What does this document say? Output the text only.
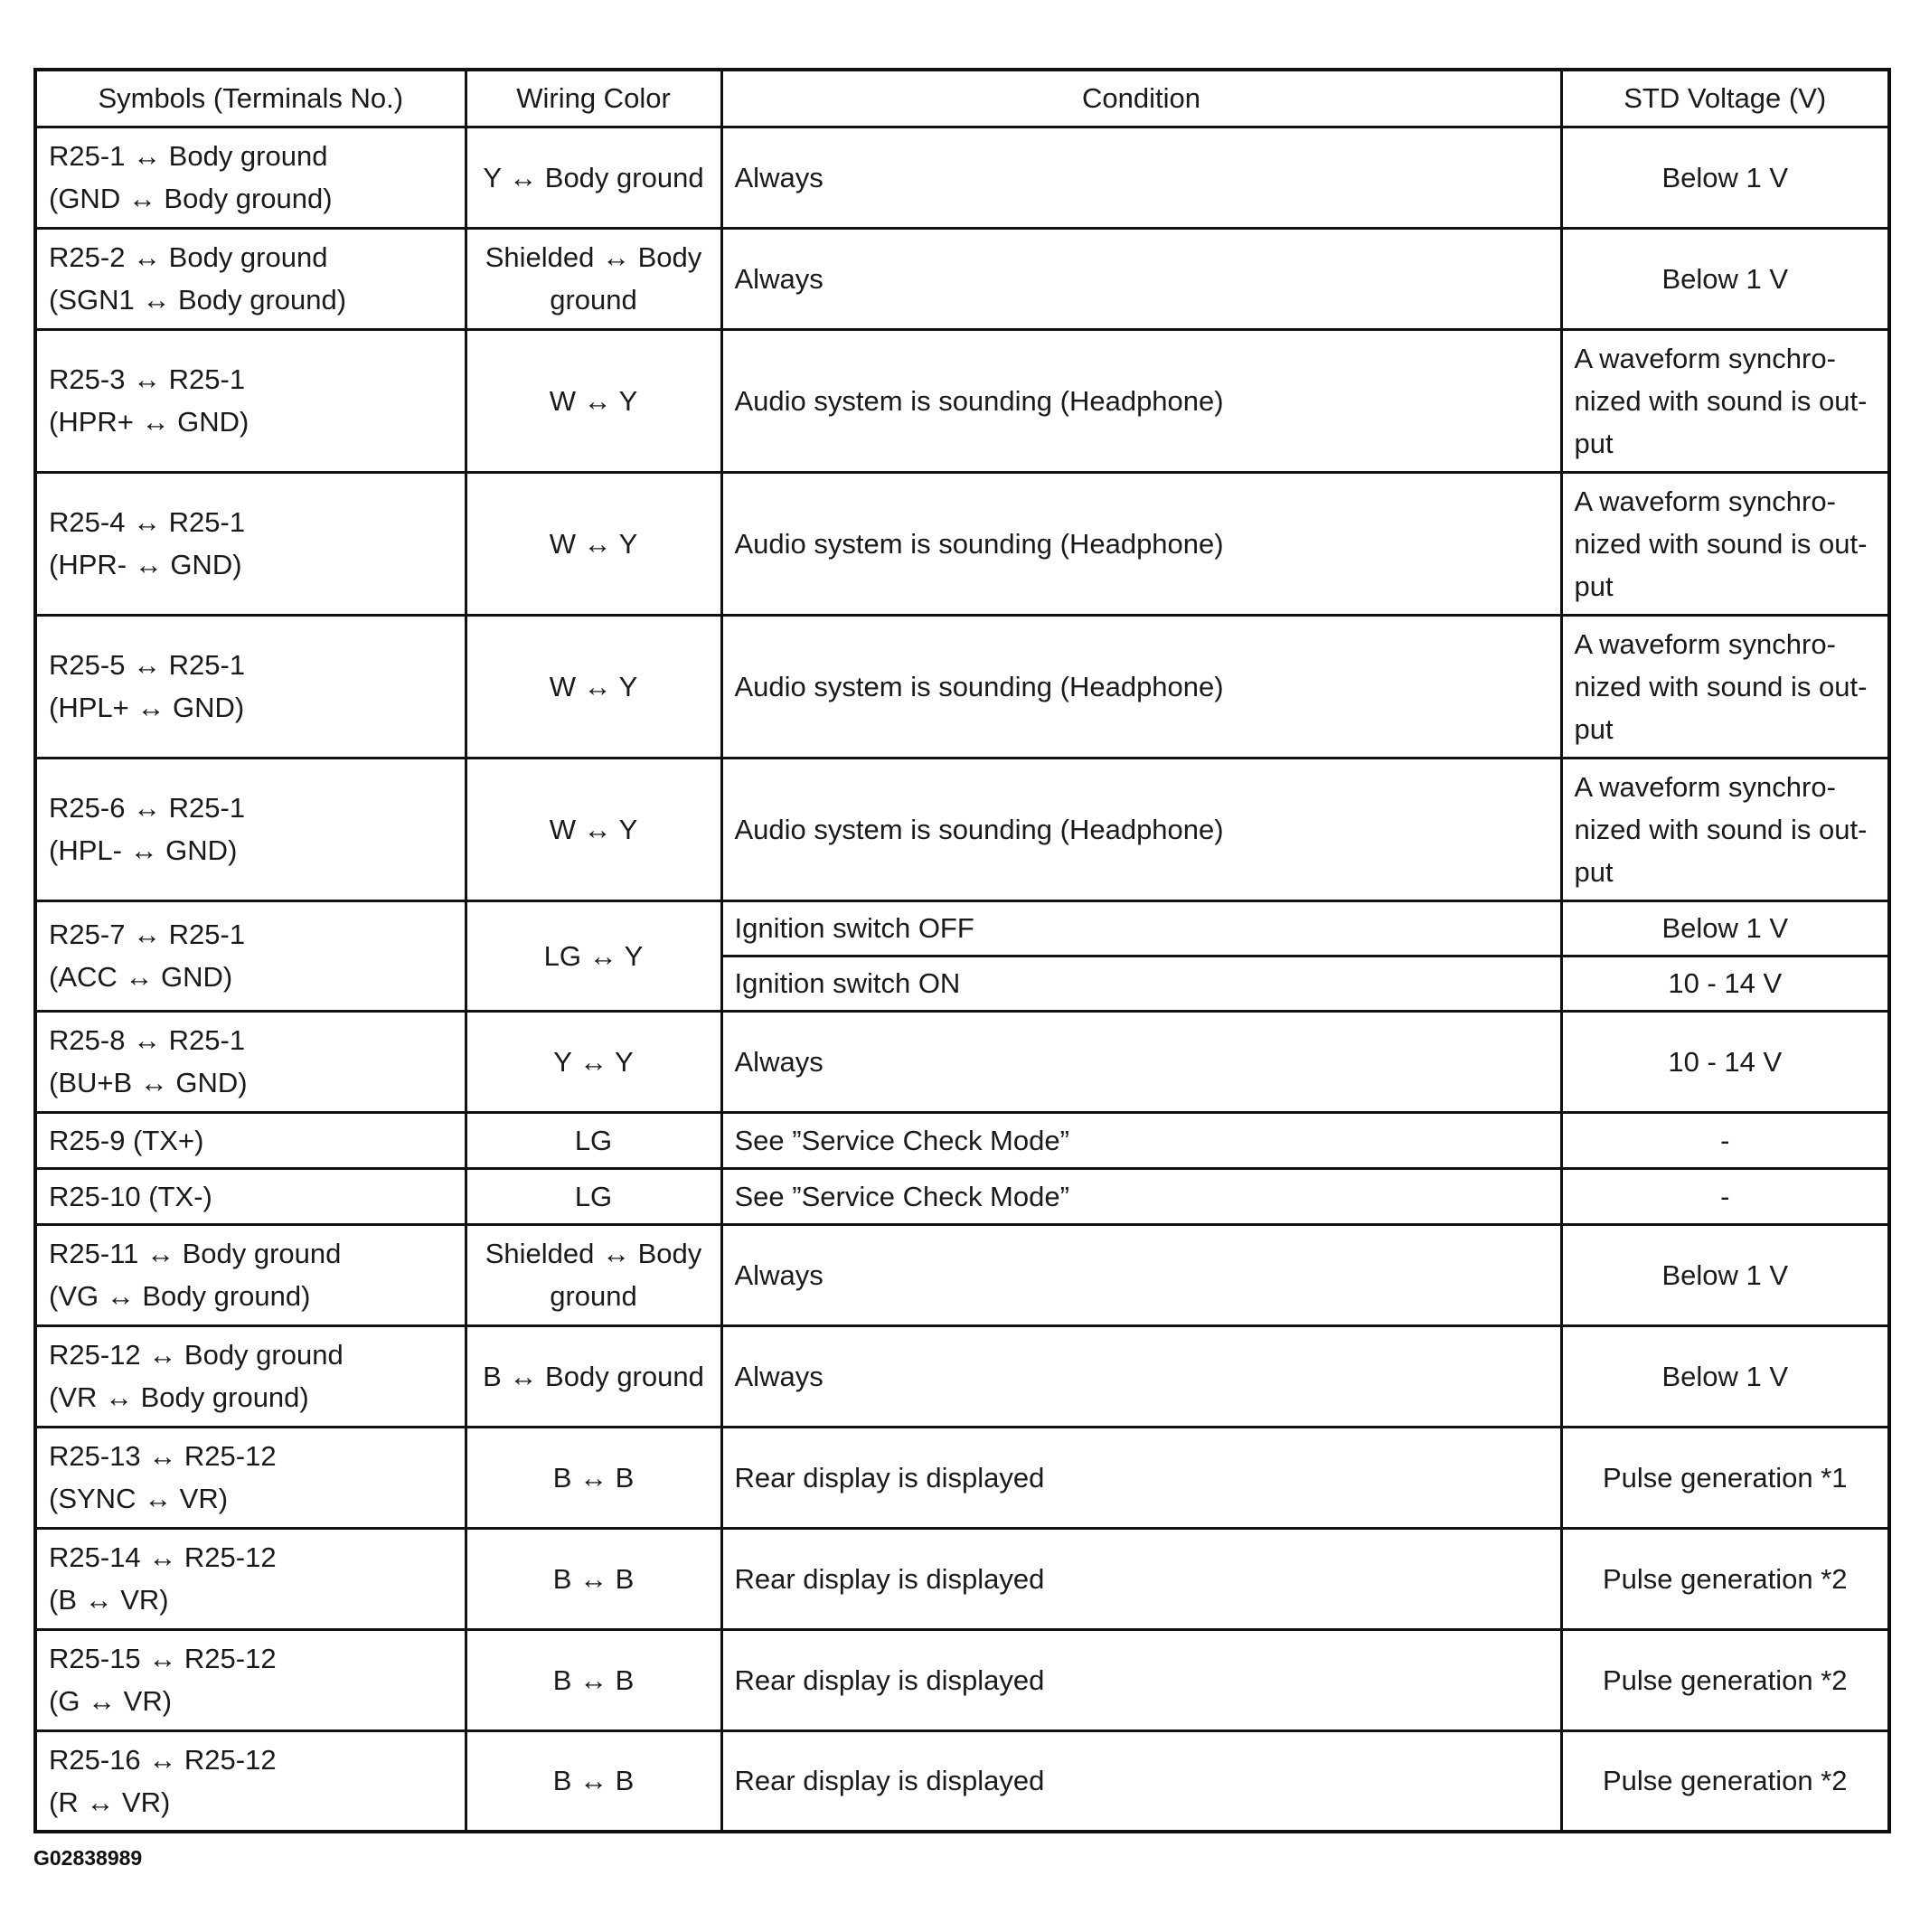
Symbols (Terminals No.)	Wiring Color	Condition	STD Voltage (V)

R25-1 ↔ Body ground
(GND ↔ Body ground)	Y ↔ Body ground	Always	Below 1 V

R25-2 ↔ Body ground
(SGN1 ↔ Body ground)	Shielded ↔ Body
ground	Always	Below 1 V

R25-3 ↔ R25-1
(HPR+ ↔ GND)	W ↔ Y	Audio system is sounding (Headphone)	A waveform synchro-
nized with sound is out-
put

R25-4 ↔ R25-1
(HPR- ↔ GND)	W ↔ Y	Audio system is sounding (Headphone)	A waveform synchro-
nized with sound is out-
put

R25-5 ↔ R25-1
(HPL+ ↔ GND)	W ↔ Y	Audio system is sounding (Headphone)	A waveform synchro-
nized with sound is out-
put

R25-6 ↔ R25-1
(HPL- ↔ GND)	W ↔ Y	Audio system is sounding (Headphone)	A waveform synchro-
nized with sound is out-
put

R25-7 ↔ R25-1
(ACC ↔ GND)	LG ↔ Y	Ignition switch OFF	Below 1 V
		Ignition switch ON	10 - 14 V

R25-8 ↔ R25-1
(BU+B ↔ GND)	Y ↔ Y	Always	10 - 14 V
R25-9 (TX+)	LG	See ”Service Check Mode”	-
R25-10 (TX-)	LG	See ”Service Check Mode”	-

R25-11 ↔ Body ground
(VG ↔ Body ground)	Shielded ↔ Body
ground	Always	Below 1 V

R25-12 ↔ Body ground
(VR ↔ Body ground)	B ↔ Body ground	Always	Below 1 V

R25-13 ↔ R25-12
(SYNC ↔ VR)	B ↔ B	Rear display is displayed	Pulse generation *1

R25-14 ↔ R25-12
(B ↔ VR)	B ↔ B	Rear display is displayed	Pulse generation *2

R25-15 ↔ R25-12
(G ↔ VR)	B ↔ B	Rear display is displayed	Pulse generation *2

R25-16 ↔ R25-12
(R ↔ VR)	B ↔ B	Rear display is displayed	Pulse generation *2
G02838989
